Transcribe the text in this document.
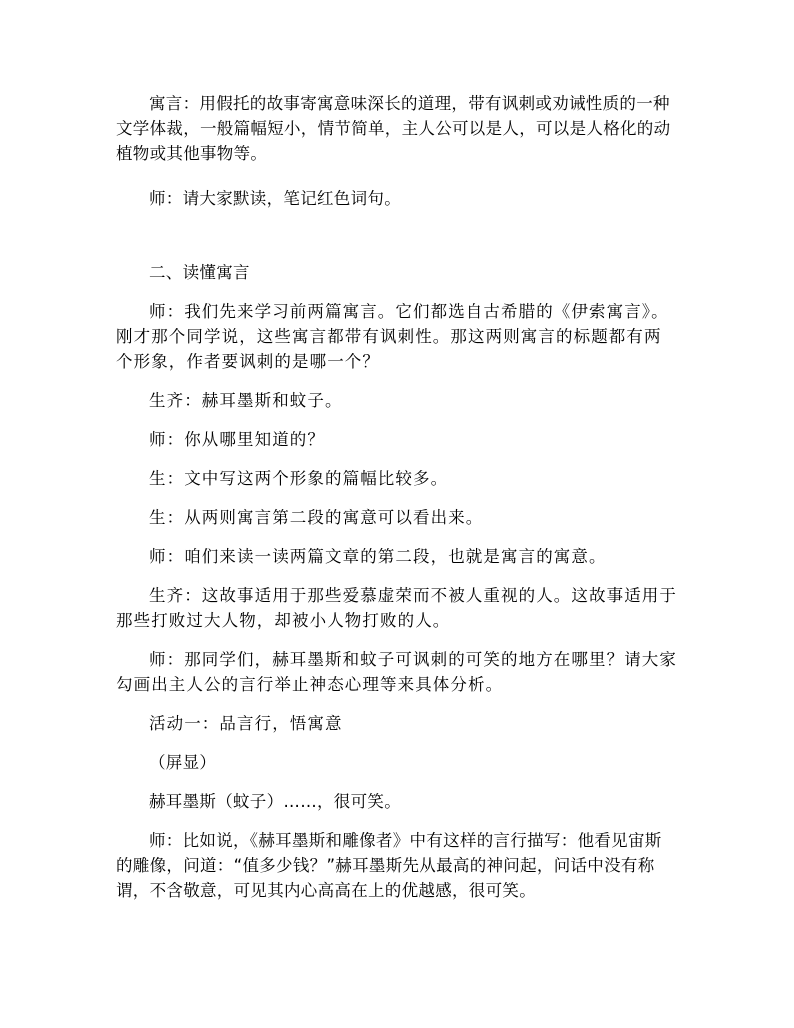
寓言：用假托的故事寄寓意味深长的道理，带有讽刺或劝诫性质的一种文学体裁，一般篇幅短小，情节简单，主人公可以是人，可以是人格化的动植物或其他事物等。

师：请大家默读，笔记红色词句。

二、读懂寓言

师：我们先来学习前两篇寓言。它们都选自古希腊的《伊索寓言》。刚才那个同学说，这些寓言都带有讽刺性。那这两则寓言的标题都有两个形象，作者要讽刺的是哪一个？

生齐：赫耳墨斯和蚊子。

师：你从哪里知道的？

生：文中写这两个形象的篇幅比较多。

生：从两则寓言第二段的寓意可以看出来。

师：咱们来读一读两篇文章的第二段，也就是寓言的寓意。

生齐：这故事适用于那些爱慕虚荣而不被人重视的人。这故事适用于那些打败过大人物，却被小人物打败的人。

师：那同学们，赫耳墨斯和蚊子可讽刺的可笑的地方在哪里？请大家勾画出主人公的言行举止神态心理等来具体分析。

活动一：品言行，悟寓意

（屏显）

赫耳墨斯（蚊子）……，很可笑。

师：比如说，《赫耳墨斯和雕像者》中有这样的言行描写：他看见宙斯的雕像，问道：“值多少钱？”赫耳墨斯先从最高的神问起，问话中没有称谓，不含敬意，可见其内心高高在上的优越感，很可笑。
